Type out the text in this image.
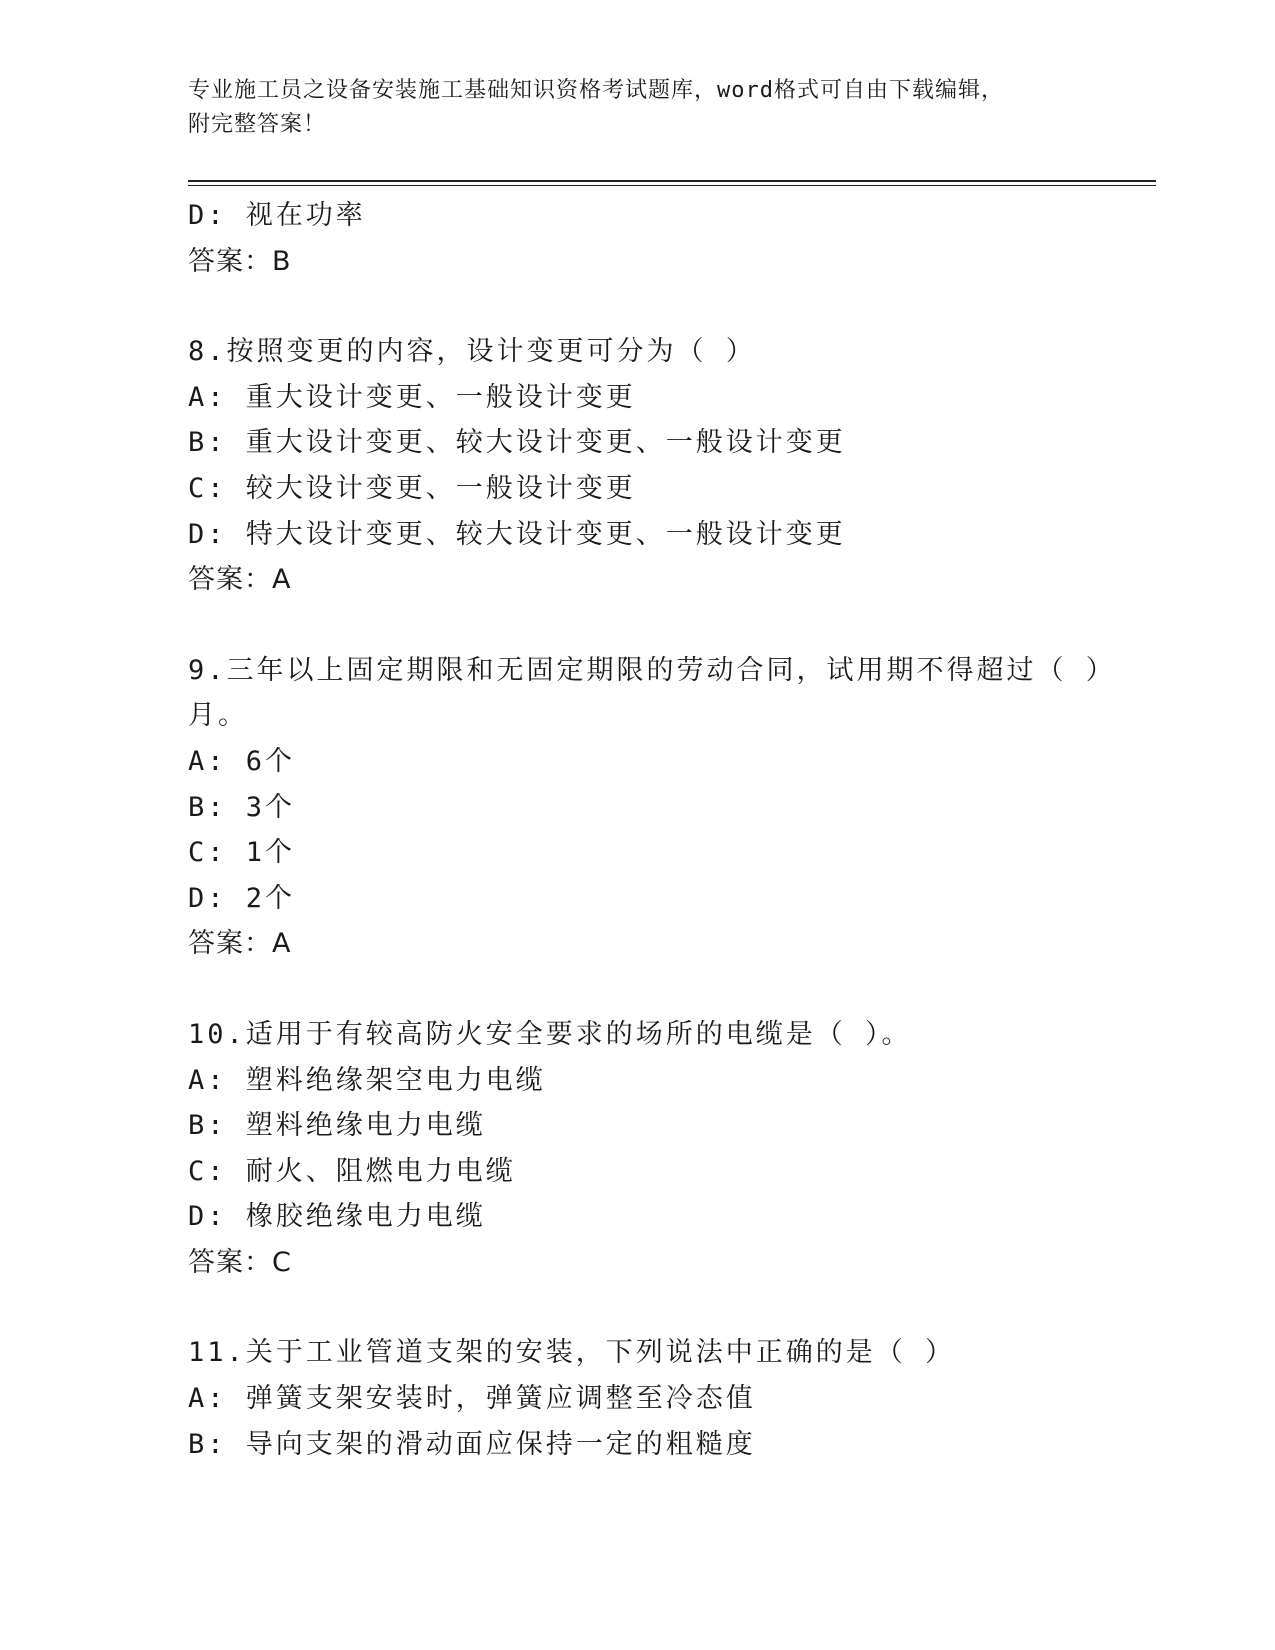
专业施工员之设备安装施工基础知识资格考试题库，word格式可自由下载编辑，
附完整答案！
D: 视在功率
答案：B
8.按照变更的内容，设计变更可分为（ ）
A: 重大设计变更、一般设计变更
B: 重大设计变更、较大设计变更、一般设计变更
C: 较大设计变更、一般设计变更
D: 特大设计变更、较大设计变更、一般设计变更
答案：A
9.三年以上固定期限和无固定期限的劳动合同，试用期不得超过（ ）
月。
A: 6个
B: 3个
C: 1个
D: 2个
答案：A
10.适用于有较高防火安全要求的场所的电缆是（ ）。
A: 塑料绝缘架空电力电缆
B: 塑料绝缘电力电缆
C: 耐火、阻燃电力电缆
D: 橡胶绝缘电力电缆
答案：C
11.关于工业管道支架的安装，下列说法中正确的是（ ）
A: 弹簧支架安装时，弹簧应调整至冷态值
B: 导向支架的滑动面应保持一定的粗糙度
